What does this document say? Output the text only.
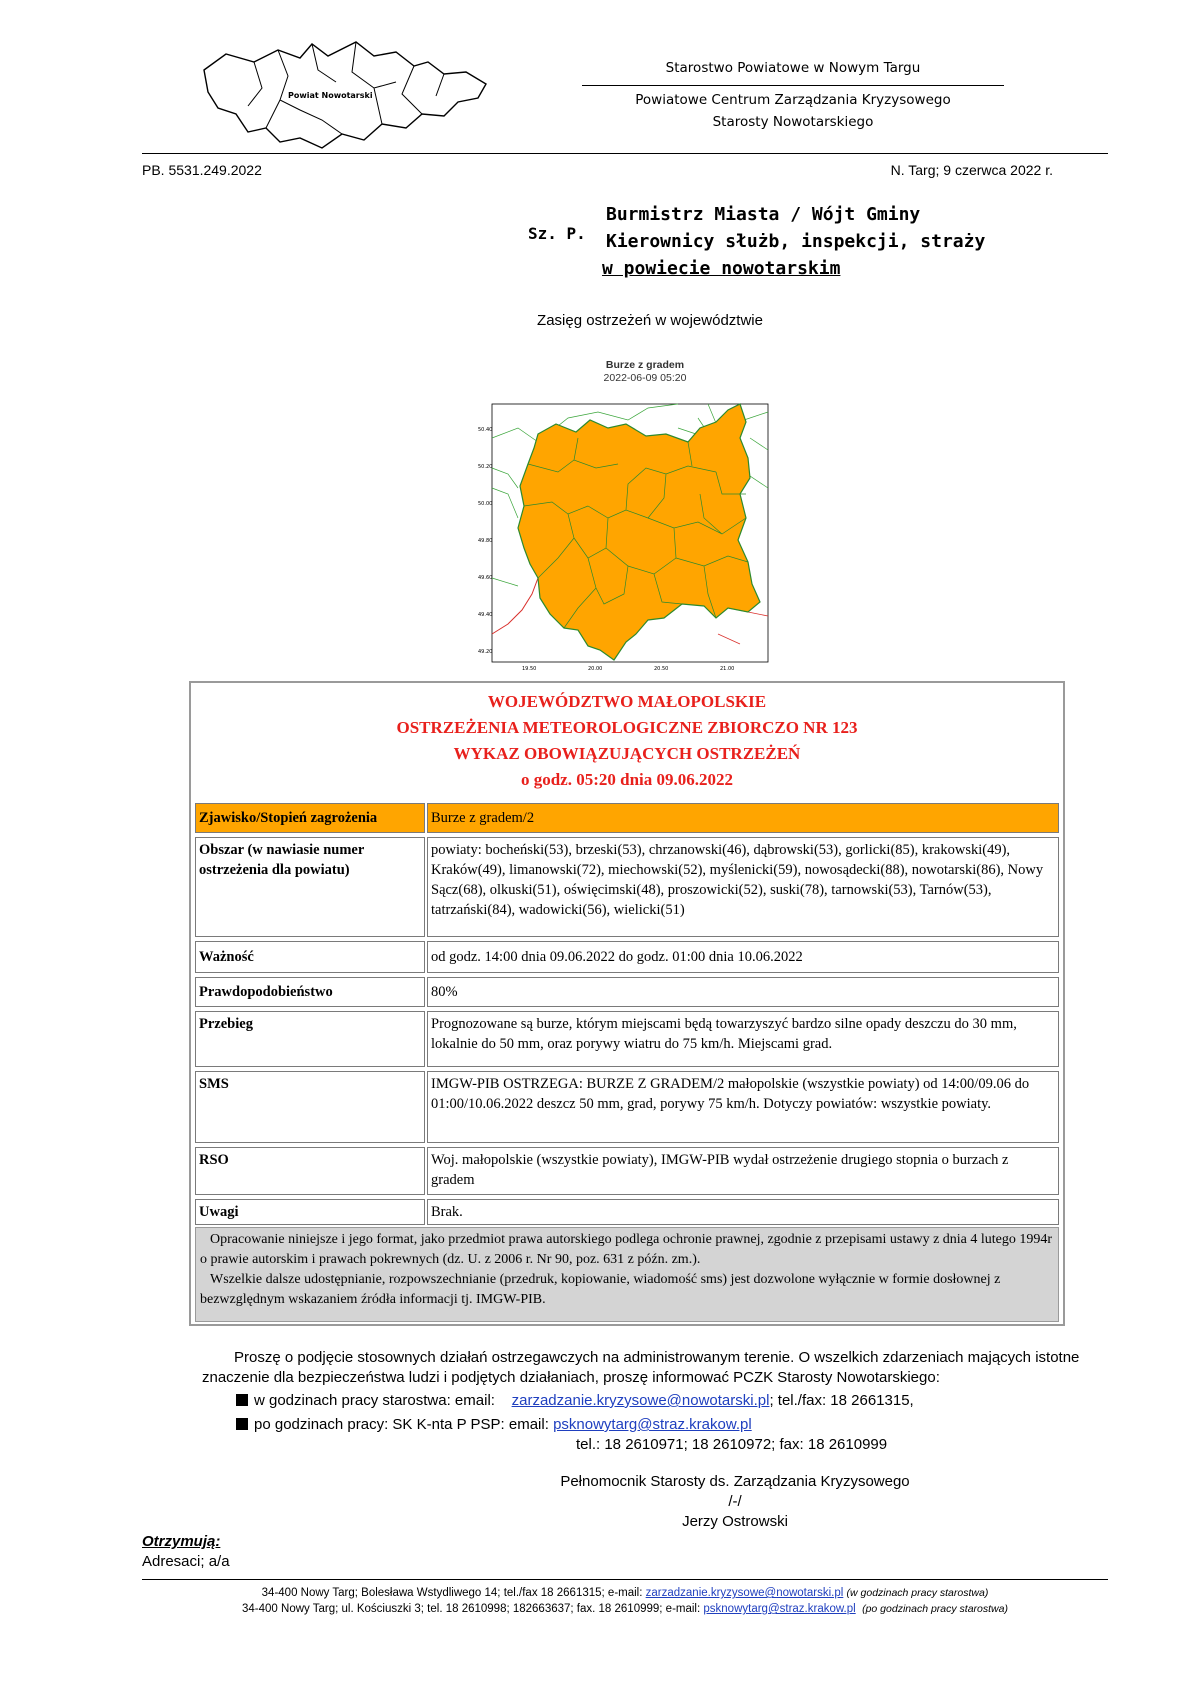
Powiat Nowotarski
Starostwo Powiatowe w Nowym Targu
Powiatowe Centrum Zarządzania Kryzysowego
Starosty Nowotarskiego
PB. 5531.249.2022	N. Targ; 9 czerwca 2022 r.
Sz. P.
Burmistrz Miasta / Wójt Gminy
Kierownicy służb, inspekcji, straży
w powiecie nowotarskim
Zasięg ostrzeżeń w województwie
Burze z gradem
2022-06-09 05:20
50.40
50.20
50.00
49.80
49.60
49.40
49.20
19.50	20.00	20.50	21.00
WOJEWÓDZTWO MAŁOPOLSKIE
OSTRZEŻENIA METEOROLOGICZNE ZBIORCZO NR 123
WYKAZ OBOWIĄZUJĄCYCH OSTRZEŻEŃ
o godz. 05:20 dnia 09.06.2022
Zjawisko/Stopień zagrożenia	Burze z gradem/2
Obszar (w nawiasie numer ostrzeżenia dla powiatu)
powiaty: bocheński(53), brzeski(53), chrzanowski(46), dąbrowski(53), gorlicki(85), krakowski(49), Kraków(49), limanowski(72), miechowski(52), myślenicki(59), nowosądecki(88), nowotarski(86), Nowy Sącz(68), olkuski(51), oświęcimski(48), proszowicki(52), suski(78), tarnowski(53), Tarnów(53), tatrzański(84), wadowicki(56), wielicki(51)
Ważność	od godz. 14:00 dnia 09.06.2022 do godz. 01:00 dnia 10.06.2022
Prawdopodobieństwo	80%
Przebieg	Prognozowane są burze, którym miejscami będą towarzyszyć bardzo silne opady deszczu do 30 mm, lokalnie do 50 mm, oraz porywy wiatru do 75 km/h. Miejscami grad.
SMS	IMGW-PIB OSTRZEGA: BURZE Z GRADEM/2 małopolskie (wszystkie powiaty) od 14:00/09.06 do 01:00/10.06.2022 deszcz 50 mm, grad, porywy 75 km/h. Dotyczy powiatów: wszystkie powiaty.
RSO	Woj. małopolskie (wszystkie powiaty), IMGW-PIB wydał ostrzeżenie drugiego stopnia o burzach z gradem
Uwagi	Brak.
Opracowanie niniejsze i jego format, jako przedmiot prawa autorskiego podlega ochronie prawnej, zgodnie z przepisami ustawy z dnia 4 lutego 1994r o prawie autorskim i prawach pokrewnych (dz. U. z 2006 r. Nr 90, poz. 631 z późn. zm.).
Wszelkie dalsze udostępnianie, rozpowszechnianie (przedruk, kopiowanie, wiadomość sms) jest dozwolone wyłącznie w formie dosłownej z bezwzględnym wskazaniem źródła informacji tj. IMGW-PIB.
Proszę o podjęcie stosownych działań ostrzegawczych na administrowanym terenie. O wszelkich zdarzeniach mających istotne znaczenie dla bezpieczeństwa ludzi i podjętych działaniach, proszę informować PCZK Starosty Nowotarskiego:
w godzinach pracy starostwa: email: zarzadzanie.kryzysowe@nowotarski.pl; tel./fax: 18 2661315,
po godzinach pracy: SK K-nta P PSP: email: psknowytarg@straz.krakow.pl
tel.: 18 2610971; 18 2610972; fax: 18 2610999
Pełnomocnik Starosty ds. Zarządzania Kryzysowego
/-/
Jerzy Ostrowski
Otrzymują:
Adresaci; a/a
34-400 Nowy Targ; Bolesława Wstydliwego 14; tel./fax 18 2661315; e-mail: zarzadzanie.kryzysowe@nowotarski.pl (w godzinach pracy starostwa)
34-400 Nowy Targ; ul. Kościuszki 3; tel. 18 2610998; 182663637; fax. 18 2610999; e-mail: psknowytarg@straz.krakow.pl (po godzinach pracy starostwa)
